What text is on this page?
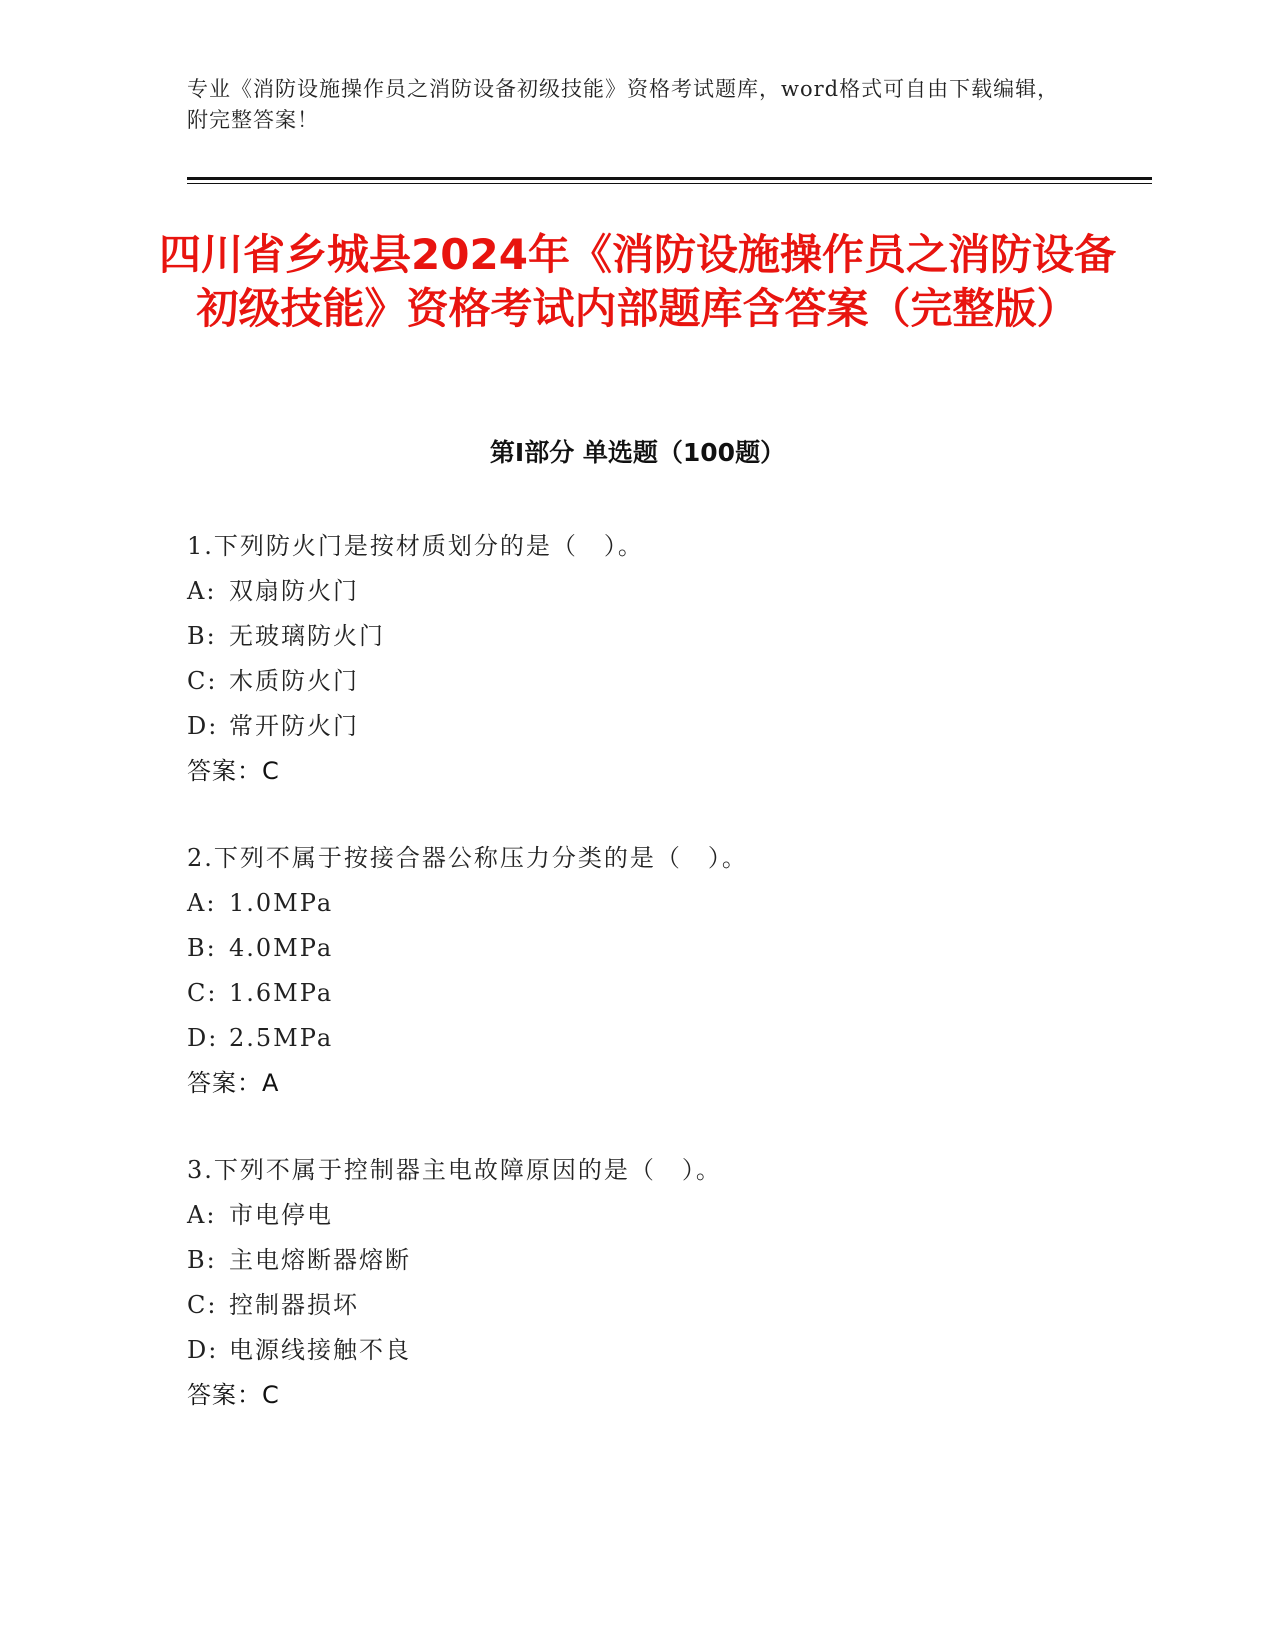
专业《消防设施操作员之消防设备初级技能》资格考试题库，word格式可自由下载编辑，附完整答案！
四川省乡城县2024年《消防设施操作员之消防设备初级技能》资格考试内部题库含答案（完整版）
第I部分 单选题（100题）
1.下列防火门是按材质划分的是（　）。
A: 双扇防火门
B: 无玻璃防火门
C: 木质防火门
D: 常开防火门
答案：C
2.下列不属于按接合器公称压力分类的是（　）。
A: 1.0MPa
B: 4.0MPa
C: 1.6MPa
D: 2.5MPa
答案：A
3.下列不属于控制器主电故障原因的是（　）。
A: 市电停电
B: 主电熔断器熔断
C: 控制器损坏
D: 电源线接触不良
答案：C
